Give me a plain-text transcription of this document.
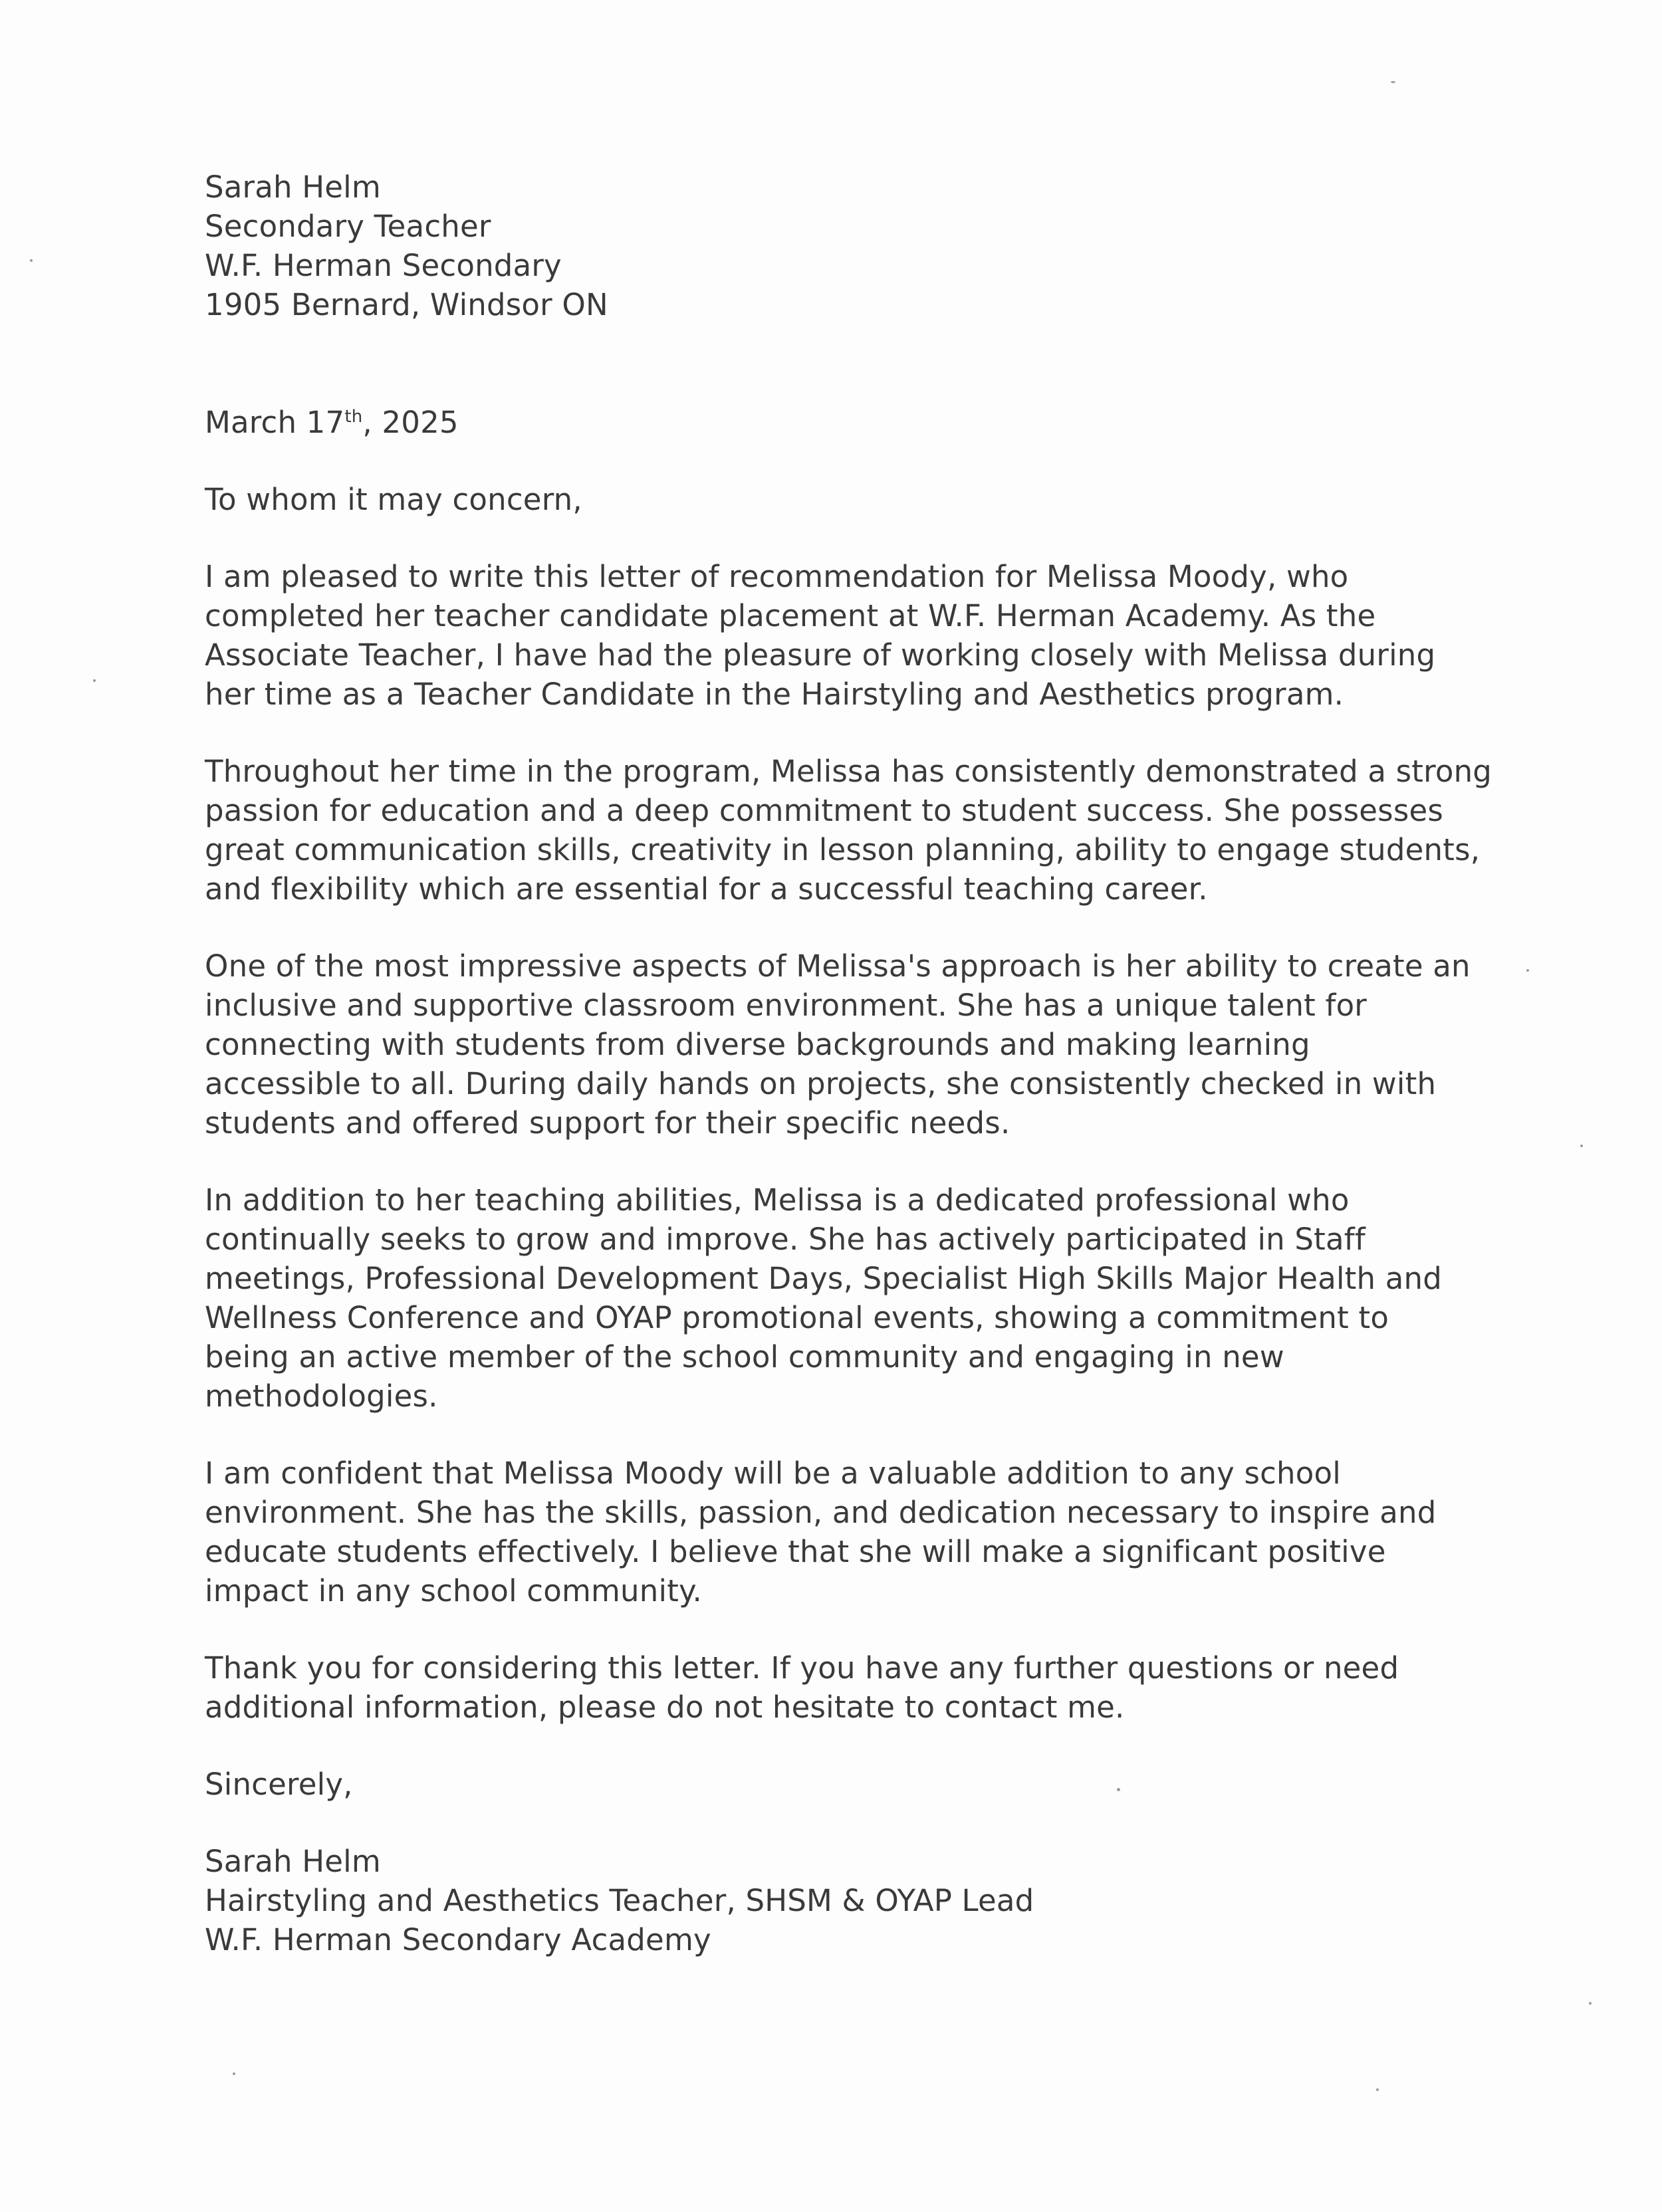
Sarah Helm
Secondary Teacher
W.F. Herman Secondary
1905 Bernard, Windsor ON
March 17th, 2025
To whom it may concern,
I am pleased to write this letter of recommendation for Melissa Moody, who
completed her teacher candidate placement at W.F. Herman Academy. As the
Associate Teacher, I have had the pleasure of working closely with Melissa during
her time as a Teacher Candidate in the Hairstyling and Aesthetics program.
Throughout her time in the program, Melissa has consistently demonstrated a strong
passion for education and a deep commitment to student success. She possesses
great communication skills, creativity in lesson planning, ability to engage students,
and flexibility which are essential for a successful teaching career.
One of the most impressive aspects of Melissa's approach is her ability to create an
inclusive and supportive classroom environment. She has a unique talent for
connecting with students from diverse backgrounds and making learning
accessible to all. During daily hands on projects, she consistently checked in with
students and offered support for their specific needs.
In addition to her teaching abilities, Melissa is a dedicated professional who
continually seeks to grow and improve. She has actively participated in Staff
meetings, Professional Development Days, Specialist High Skills Major Health and
Wellness Conference and OYAP promotional events, showing a commitment to
being an active member of the school community and engaging in new
methodologies.
I am confident that Melissa Moody will be a valuable addition to any school
environment. She has the skills, passion, and dedication necessary to inspire and
educate students effectively. I believe that she will make a significant positive
impact in any school community.
Thank you for considering this letter. If you have any further questions or need
additional information, please do not hesitate to contact me.
Sincerely,
Sarah Helm
Hairstyling and Aesthetics Teacher, SHSM & OYAP Lead
W.F. Herman Secondary Academy
